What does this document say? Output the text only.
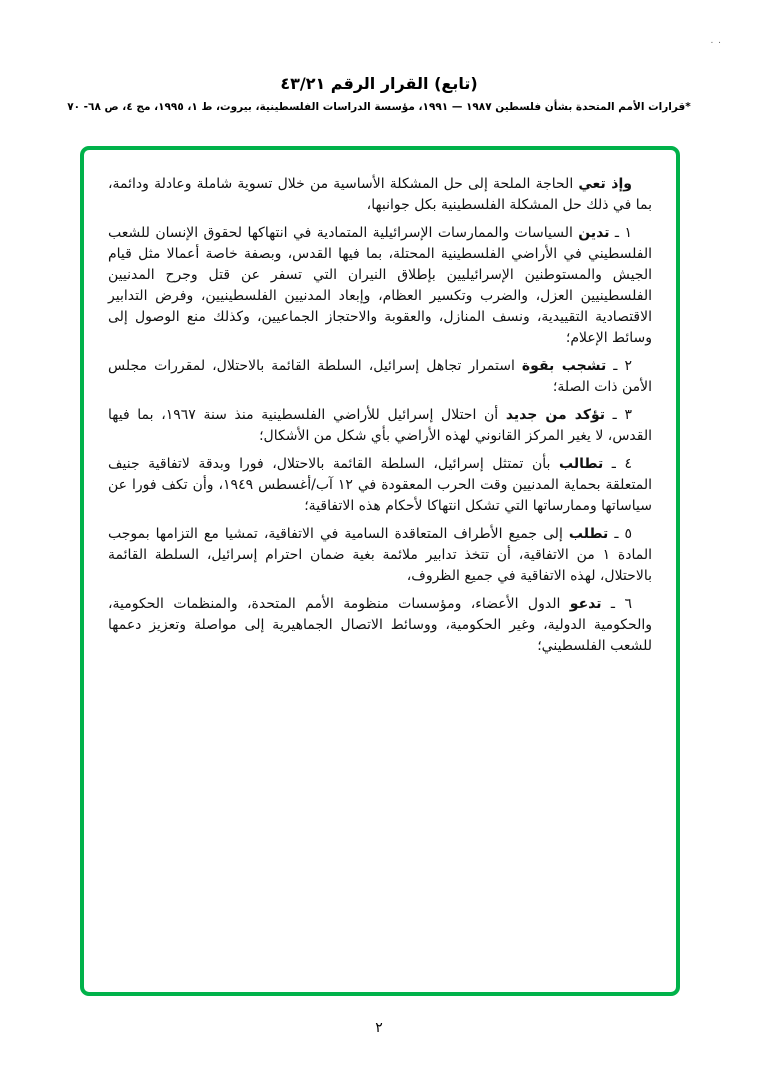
٠ ٠
(تابع) القرار الرقم ٤٣/٢١
*قرارات الأمم المتحدة بشأن فلسطين ١٩٨٧ — ١٩٩١، مؤسسة الدراسات الفلسطينية، بيروت، ط ١، ١٩٩٥، مج ٤، ص ٦٨- ٧٠

وإذ تعي الحاجة الملحة إلى حل المشكلة الأساسية من خلال تسوية شاملة وعادلة ودائمة، بما في ذلك حل المشكلة الفلسطينية بكل جوانبها،

١ ـ تدين السياسات والممارسات الإسرائيلية المتمادية في انتهاكها لحقوق الإنسان للشعب الفلسطيني في الأراضي الفلسطينية المحتلة، بما فيها القدس، وبصفة خاصة أعمالا مثل قيام الجيش والمستوطنين الإسرائيليين بإطلاق النيران التي تسفر عن قتل وجرح المدنيين الفلسطينيين العزل، والضرب وتكسير العظام، وإبعاد المدنيين الفلسطينيين، وفرض التدابير الاقتصادية التقييدية، ونسف المنازل، والعقوبة والاحتجاز الجماعيين، وكذلك منع الوصول إلى وسائط الإعلام؛

٢ ـ تشجب بقوة استمرار تجاهل إسرائيل، السلطة القائمة بالاحتلال، لمقررات مجلس الأمن ذات الصلة؛

٣ ـ تؤكد من جديد أن احتلال إسرائيل للأراضي الفلسطينية منذ سنة ١٩٦٧، بما فيها القدس، لا يغير المركز القانوني لهذه الأراضي بأي شكل من الأشكال؛

٤ ـ تطالب بأن تمتثل إسرائيل، السلطة القائمة بالاحتلال، فورا وبدقة لاتفاقية جنيف المتعلقة بحماية المدنيين وقت الحرب المعقودة في ١٢ آب/أغسطس ١٩٤٩، وأن تكف فورا عن سياساتها وممارساتها التي تشكل انتهاكا لأحكام هذه الاتفاقية؛

٥ ـ تطلب إلى جميع الأطراف المتعاقدة السامية في الاتفاقية، تمشيا مع التزامها بموجب المادة ١ من الاتفاقية، أن تتخذ تدابير ملائمة بغية ضمان احترام إسرائيل، السلطة القائمة بالاحتلال، لهذه الاتفاقية في جميع الظروف،

٦ ـ تدعو الدول الأعضاء، ومؤسسات منظومة الأمم المتحدة، والمنظمات الحكومية، والحكومية الدولية، وغير الحكومية، ووسائط الاتصال الجماهيرية إلى مواصلة وتعزيز دعمها للشعب الفلسطيني؛

٢
